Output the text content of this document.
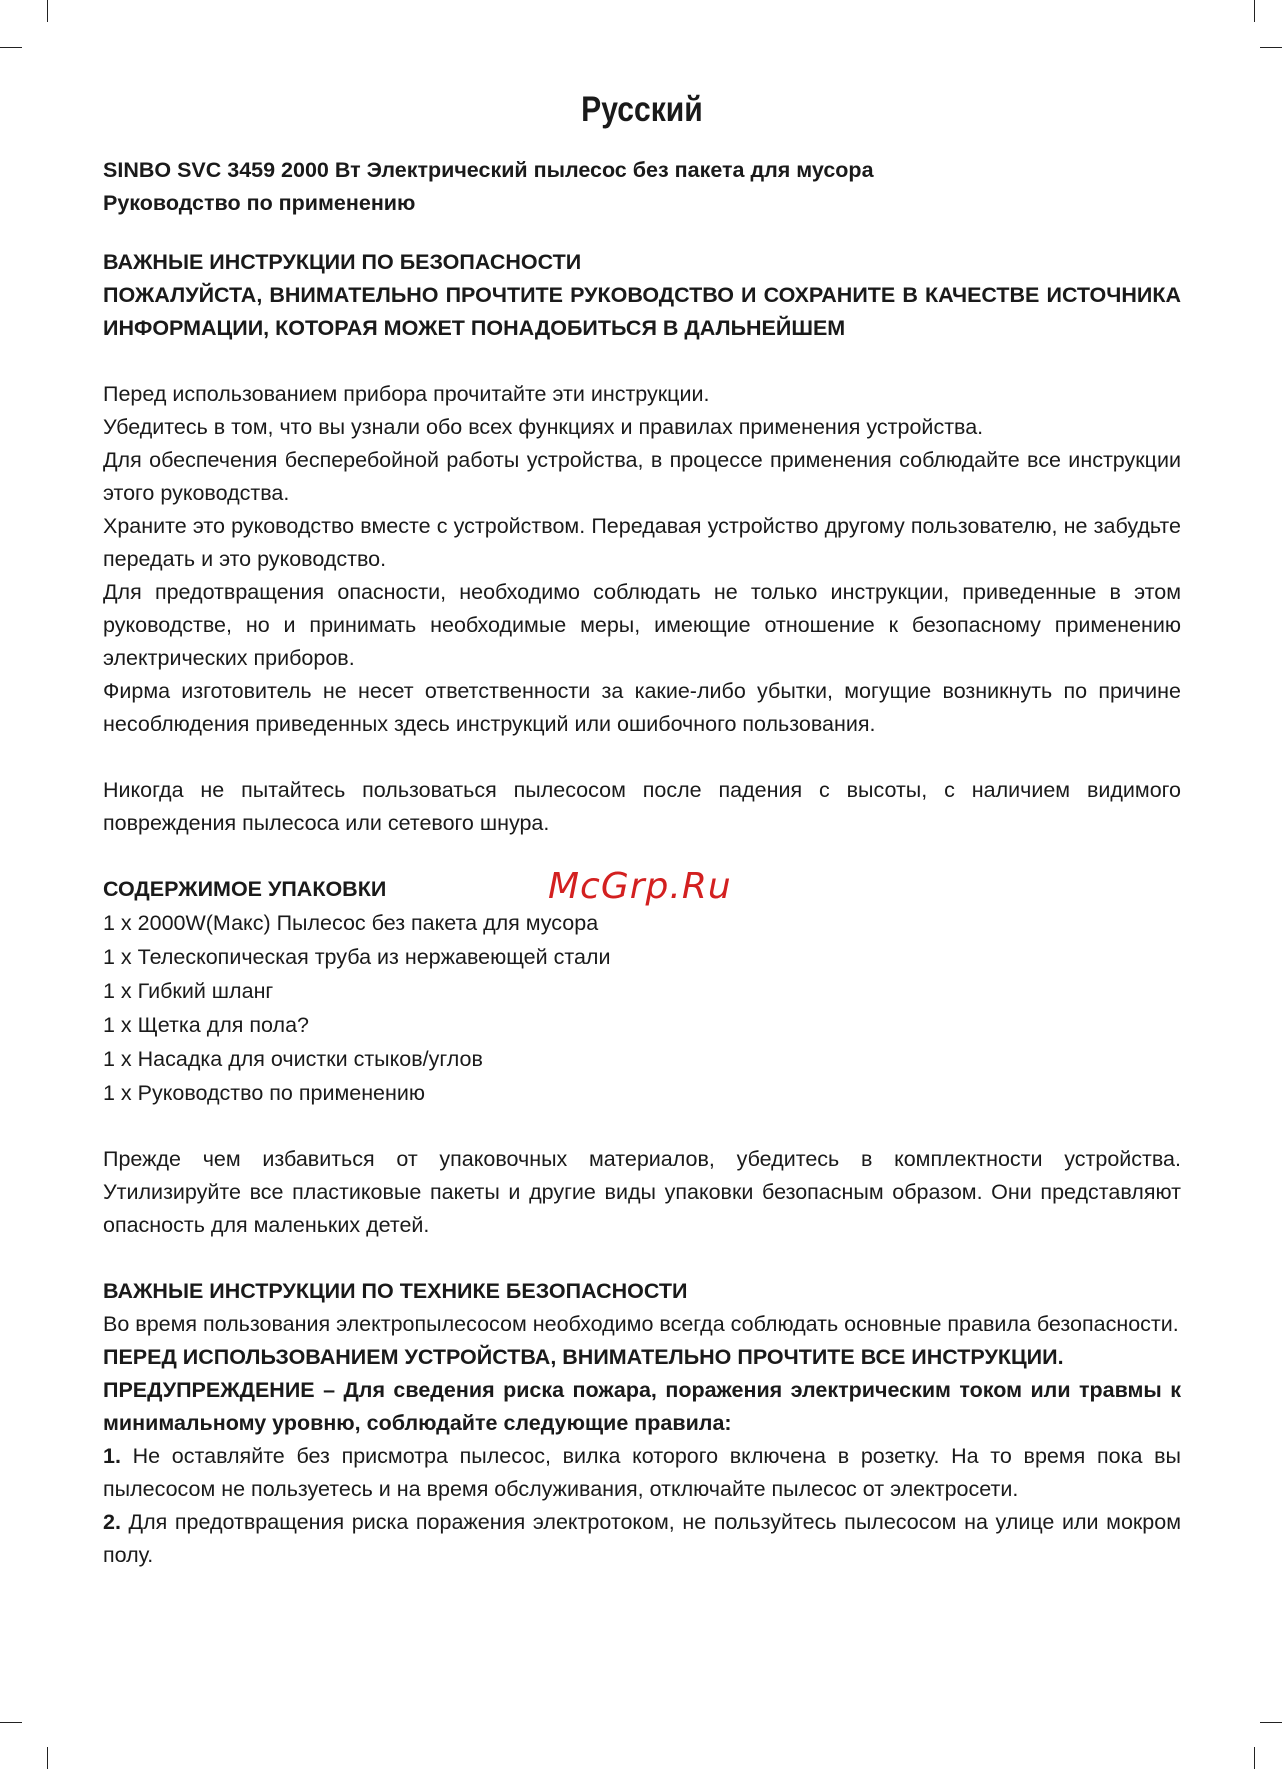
McGrp.Ru
Русский

SINBO SVC 3459 2000 Вт Электрический пылесос без пакета для мусора

Руководство по применению

ВАЖНЫЕ ИНСТРУКЦИИ ПО БЕЗОПАСНОСТИ

ПОЖАЛУЙСТА, ВНИМАТЕЛЬНО ПРОЧТИТЕ РУКОВОДСТВО И СОХРАНИТЕ В КАЧЕСТВЕ ИСТОЧНИКА ИНФОРМАЦИИ, КОТОРАЯ МОЖЕТ ПОНАДОБИТЬСЯ В ДАЛЬНЕЙШЕМ

Перед использованием прибора прочитайте эти инструкции.

Убедитесь в том, что вы узнали обо всех функциях и правилах применения устройства.

Для обеспечения бесперебойной работы устройства, в процессе применения соблюдайте все инструкции этого руководства.

Храните это руководство вместе с устройством. Передавая устройство другому пользователю, не забудьте передать и это руководство.

Для предотвращения опасности, необходимо соблюдать не только инструкции, приведенные в этом руководстве, но и принимать необходимые меры, имеющие отношение к безопасному применению электрических приборов.

Фирма изготовитель не несет ответственности за какие-либо убытки, могущие возникнуть по причине несоблюдения приведенных здесь инструкций или ошибочного пользования.

Никогда не пытайтесь пользоваться пылесосом после падения с высоты, с наличием видимого повреждения пылесоса или сетевого шнура.

СОДЕРЖИМОЕ УПАКОВКИ

1 x 2000W(Макс) Пылесос без пакета для мусора
1 x Телескопическая труба из нержавеющей стали
1 x Гибкий шланг
1 x Щетка для пола?
1 x Насадка для очистки стыков/углов
1 x Руководство по применению

Прежде чем избавиться от упаковочных материалов, убедитесь в комплектности устройства. Утилизируйте все пластиковые пакеты и другие виды упаковки безопасным образом. Они представляют опасность для маленьких детей.

ВАЖНЫЕ ИНСТРУКЦИИ ПО ТЕХНИКЕ БЕЗОПАСНОСТИ

Во время пользования электропылесосом необходимо всегда соблюдать основные правила безопасности.

ПЕРЕД ИСПОЛЬЗОВАНИЕМ УСТРОЙСТВА, ВНИМАТЕЛЬНО ПРОЧТИТЕ ВСЕ ИНСТРУКЦИИ.

ПРЕДУПРЕЖДЕНИЕ – Для сведения риска пожара, поражения электрическим током или травмы к минимальному уровню, соблюдайте следующие правила:

1. Не оставляйте без присмотра пылесос, вилка которого включена в розетку. На то время пока вы пылесосом не пользуетесь и на время обслуживания, отключайте пылесос от электросети.

2. Для предотвращения риска поражения электротоком, не пользуйтесь пылесосом на улице или мокром полу.
